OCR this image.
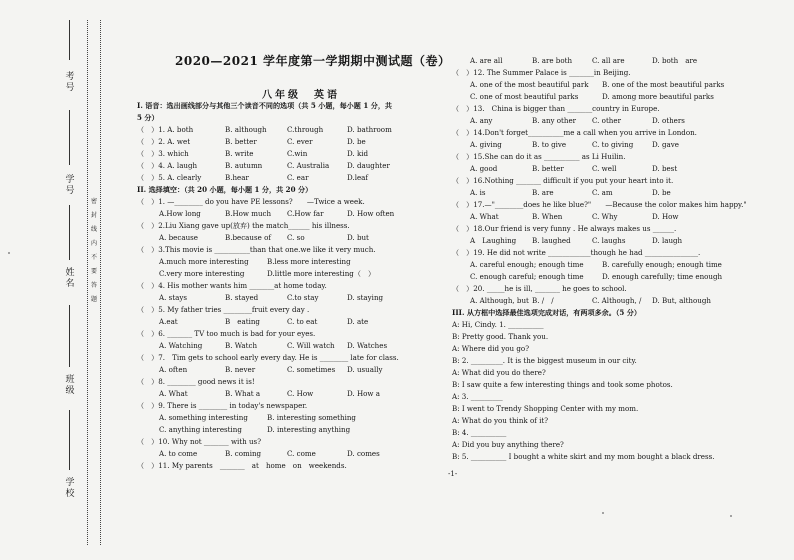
考号
学号
姓名
班级
学校
密
封
线
内
不
要
答
题
2020—2021 学年度第一学期期中测试题（卷）
八年级　英语
I. 语音：选出画线部分与其他三个读音不同的选项（共 5 小题，每小题 1 分，共
5 分）
（　）1. A. both	B. although	C.through	D. bathroom
（　）2. A. wet	B. better	C. ever	D. be
（　）3. which	B. write	C.win	D. kid
（　）4. A. laugh	B. autumn	C. Australia D. daughter
（　）5. A. clearly	B.hear	C. ear	D.leaf
II. 选择填空：（共 20 小题，每小题 1 分，共 20 分）
（　）1. —________ do you have PE lessons?　　—Twice a week.
A.How long	B.How much C.How far	D. How often
（　）2.Liu Xiang gave up(放弃) the match______ his illness.
A. because	B.because of C. so	D. but
（　）3.This movie is __________than that one.we like it very much.
A.much more interesting	B.less more interesting
C.very more interesting	D.little more interesting（　）
（　）4. His mother wants him _______at home today.
A. stays	B. stayed	C.to stay	D. staying
（　）5. My father tries ________fruit every day .
A.eat	B　eating	C. to eat	D. ate
（　）6. _______ TV too much is bad for your eyes.
A. Watching	B. Watch	C. Will watch D. Watches
（　）7.　Tim gets to school early every day. He is ________ late for class.
A. often	B. never	C. sometimes D. usually
（　）8. ________ good news it is!
A. What	B. What a	C. How	D. How a
（　）9. There is ________ in today's newspaper.
A. something interesting	B. interesting something
C. anything interesting	D. interesting anything
（　）10. Why not _______ with us?
A. to come	B. coming	C. come	D. comes
（　）11. My parents　_______　at　home　on　weekends.
A. are all	B. are both	C. all are	D. both　are
（　）12. The Summer Palace is _______in Beijing.
A. one of the most beautiful park B. one of the most beautiful parks
C. one of most beautiful parks	D. among more beautiful parks
（　）13.　China is bigger than _______country in Europe.
A. any	B. any other C. other	D. others
（　）14.Don't forget__________me a call when you arrive in London.
A. giving	B. to give	C. to giving	D. gave
（　）15.She can do it as __________ as Li Huilin.
A. good	B. better	C. well	D. best
（　）16.Nothing _______ difficult if you put your heart into it.
A. is	B. are	C. am	D. be
（　）17.—"________does he like blue?"　　—Because the color makes him happy."
A. What	B. When	C. Why	D. How
（　）18.Our friend is very funny . He always makes us ______.
A　Laughing B. laughed	C. laughs	D. laugh
（　）19. He did not write ____________though he had _______________.
A. careful enough; enough time	B. carefully enough; enough time
C. enough careful; enough time	D. enough carefully; time enough
（　）20. _____he is ill, _______ he goes to school.
A. Although, but B. /　/	C. Although, / D. But, although
III. 从方框中选择最佳选项完成对话，有两项多余。（5 分）
A: Hi, Cindy. 1. __________
B: Pretty good. Thank you.
A: Where did you go?
B: 2. _________. It is the biggest museum in our city.
A: What did you do there?
B: I saw quite a few interesting things and took some photos.
A: 3. _________
B: I went to Trendy Shopping Center with my mom.
A: What do you think of it?
B: 4. __________
A: Did you buy anything there?
B: 5. __________ I bought a white skirt and my mom bought a black dress.
-1-
